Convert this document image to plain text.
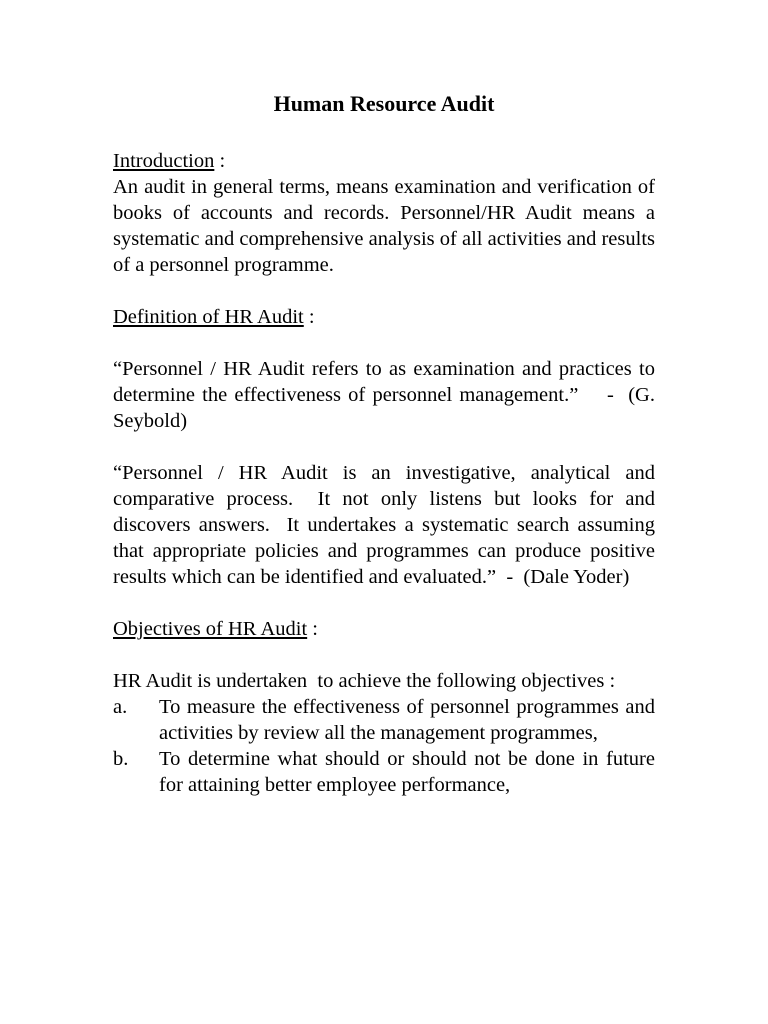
Human Resource Audit

Introduction :

An audit in general terms, means examination and verification of books of accounts and records. Personnel/HR Audit means a systematic and comprehensive analysis of all activities and results of a personnel programme.

Definition of HR Audit :

“Personnel / HR Audit refers to as examination and practices to determine the effectiveness of personnel management.”    -  (G. Seybold)

“Personnel / HR Audit is an investigative, analytical and comparative process.  It not only listens but looks for and discovers answers.  It undertakes a systematic search assuming that appropriate policies and programmes can produce positive results which can be identified and evaluated.”  -  (Dale Yoder)

Objectives of HR Audit :

HR Audit is undertaken  to achieve the following objectives :

a.	To measure the effectiveness of personnel programmes and activities by review all the management programmes,
b.	To determine what should or should not be done in future for attaining better employee performance,
